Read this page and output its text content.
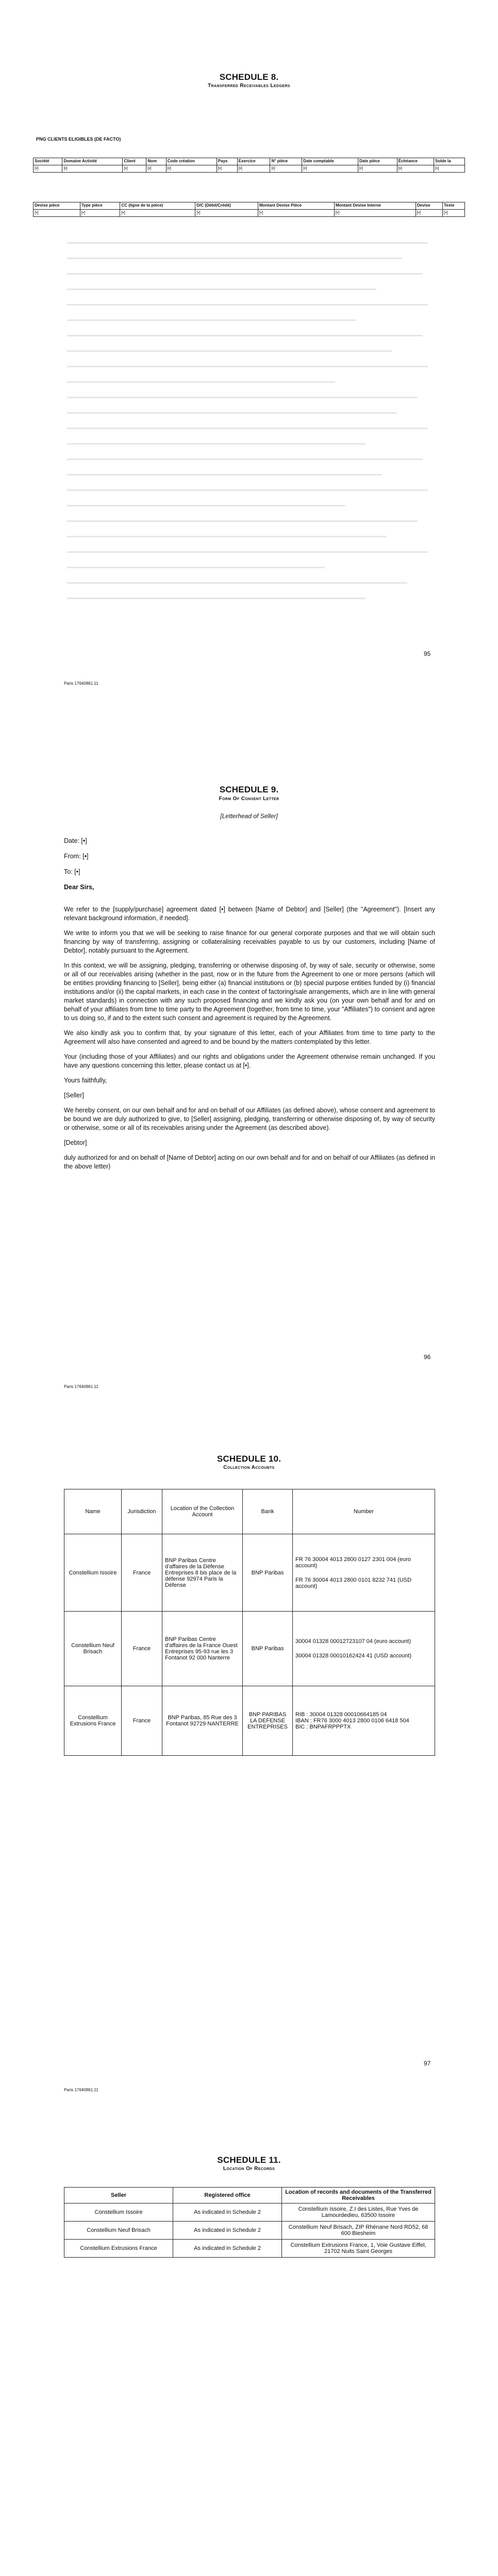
SCHEDULE 8.
Transferred Receivables Ledgers
PNG CLIENTS ELIGIBLES (DE FACTO)
Société	Domaine Activité	Client	Nom	Code création	Pays	Exercice	N° pièce	Date comptable	Date pièce	Échéance	Solde la
[•]	[•]	[•]	[•]	[•]	[•]	[•]	[•]	[•]	[•]	[•]	[•]
Devise pièce	Type pièce	CC (ligne de la pièce)	D/C (Débit/Crédit)	Montant Devise Pièce	Montant Devise Interne	Devise	Texte
[•]	[•]	[•]	[•]	[•]	[•]	[•]	[•]
95
Paris 17640861.11
SCHEDULE 9.
Form Of Consent Letter
[Letterhead of Seller]
Date: [•]
From: [•]
To: [•]
Dear Sirs,

We refer to the [supply/purchase] agreement dated [•] between [Name of Debtor] and [Seller] (the "Agreement"). [Insert any relevant background information, if needed].

We write to inform you that we will be seeking to raise finance for our general corporate purposes and that we will obtain such financing by way of transferring, assigning or collateralising receivables payable to us by our customers, including [Name of Debtor], notably pursuant to the Agreement.

In this context, we will be assigning, pledging, transferring or otherwise disposing of, by way of sale, security or otherwise, some or all of our receivables arising (whether in the past, now or in the future from the Agreement to one or more persons (which will be entities providing financing to [Seller], being either (a) financial institutions or (b) special purpose entities funded by (i) financial institutions and/or (ii) the capital markets, in each case in the context of factoring/sale arrangements, which are in line with general market standards) in connection with any such proposed financing and we kindly ask you (on your own behalf and for and on behalf of your affiliates from time to time party to the Agreement (together, from time to time, your "Affiliates") to consent and agree to us doing so, if and to the extent such consent and agreement is required by the Agreement.

We also kindly ask you to confirm that, by your signature of this letter, each of your Affiliates from time to time party to the Agreement will also have consented and agreed to and be bound by the matters contemplated by this letter.

Your (including those of your Affiliates) and our rights and obligations under the Agreement otherwise remain unchanged. If you have any questions concerning this letter, please contact us at [•].

Yours faithfully,

[Seller]

We hereby consent, on our own behalf and for and on behalf of our Affiliates (as defined above), whose consent and agreement to be bound we are duly authorized to give, to [Seller] assigning, pledging, transferring or otherwise disposing of, by way of security or otherwise, some or all of its receivables arising under the Agreement (as described above).

[Debtor]

duly authorized for and on behalf of [Name of Debtor] acting on our own behalf and for and on behalf of our Affiliates (as defined in the above letter)

96
Paris 17640861.11
SCHEDULE 10.
Collection Accounts
Name	Jurisdiction	Location of the Collection Account	Bank	Number
Constellium Issoire	France	BNP Paribas Centre d'affaires de la Défense Entreprises 8 bis place de la défense 92974 Paris la Défense	BNP Paribas	FR 76 30004 4013 2800 0127 2301 004 (euro account)
FR 76 30004 4013 2800 0101 8232 741 (USD account)

Constellium Neuf Brisach	France	BNP Paribas Centre d'affaires de la France Ouest Entreprises 95-93 rue les 3 Fontanot 92 000 Nanterre	BNP Paribas	30004 01328 00012723107 04 (euro account)
30004 01328 00010162424 41 (USD account)

Constellium Extrusions France	France	BNP Paribas, 85 Rue des 3 Fontanot 92729 NANTERRE	BNP PARIBAS LA DEFENSE ENTREPRISES	RIB : 30004 01328 00010664185 04
IBAN : FR76 3000 4013 2800 0106 6418 504
BIC : BNPAFRPPPTX
97
Paris 17640861.11
SCHEDULE 11.
Location Of Records
Seller	Registered office	Location of records and documents of the Transferred Receivables
Constellium Issoire	As indicated in Schedule 2	Constellium Issoire, Z.I des Listes, Rue Yves de Lamourdedieu, 63500 Issoire
Constellium Neuf Brisach	As indicated in Schedule 2	Constellium Neuf Brisach, ZIP Rhénane Nord RD52, 68 600 Biesheim
Constellium Extrusions France	As indicated in Schedule 2	Constellium Extrusions France, 1, Voie Gustave Eiffel, 21702 Nuits Saint Georges
